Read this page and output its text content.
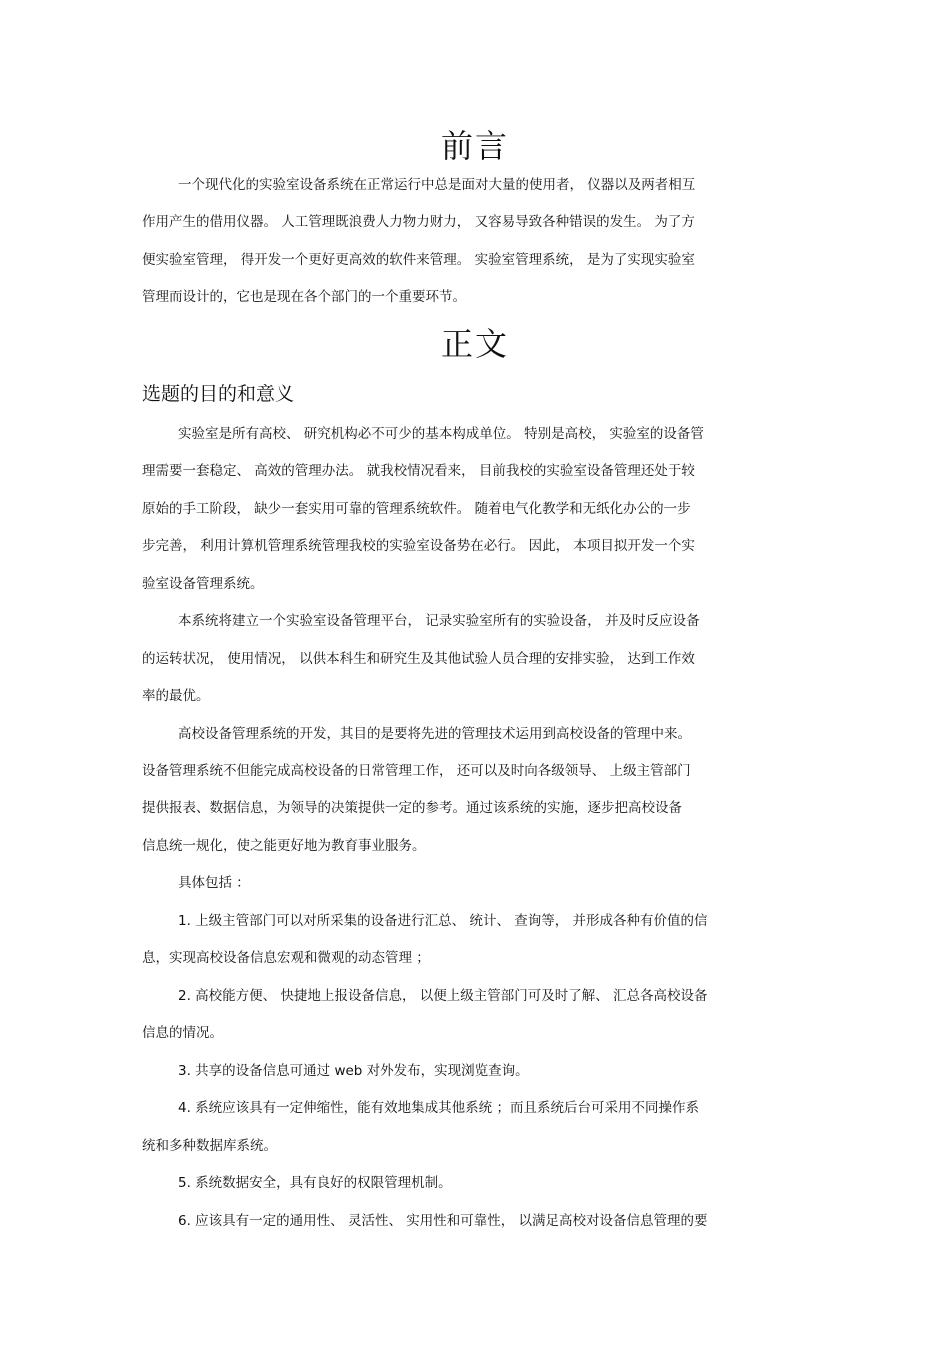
前言
一个现代化的实验室设备系统在正常运行中总是面对大量的使用者， 仪器以及两者相互
作用产生的借用仪器。 人工管理既浪费人力物力财力， 又容易导致各种错误的发生。 为了方
便实验室管理， 得开发一个更好更高效的软件来管理。 实验室管理系统， 是为了实现实验室
管理而设计的，它也是现在各个部门的一个重要环节。
正文
选题的目的和意义
实验室是所有高校、 研究机构必不可少的基本构成单位。 特别是高校， 实验室的设备管
理需要一套稳定、 高效的管理办法。 就我校情况看来， 目前我校的实验室设备管理还处于较
原始的手工阶段， 缺少一套实用可靠的管理系统软件。 随着电气化教学和无纸化办公的一步
步完善， 利用计算机管理系统管理我校的实验室设备势在必行。 因此， 本项目拟开发一个实
验室设备管理系统。
本系统将建立一个实验室设备管理平台， 记录实验室所有的实验设备， 并及时反应设备
的运转状况， 使用情况， 以供本科生和研究生及其他试验人员合理的安排实验， 达到工作效
率的最优。
高校设备管理系统的开发，其目的是要将先进的管理技术运用到高校设备的管理中来。
设备管理系统不但能完成高校设备的日常管理工作， 还可以及时向各级领导、 上级主管部门
提供报表、数据信息，为领导的决策提供一定的参考。通过该系统的实施，逐步把高校设备
信息统一规化，使之能更好地为教育事业服务。
具体包括 ：
1. 上级主管部门可以对所采集的设备进行汇总、 统计、 查询等， 并形成各种有价值的信
息，实现高校设备信息宏观和微观的动态管理 ；
2. 高校能方便、 快捷地上报设备信息， 以便上级主管部门可及时了解、 汇总各高校设备
信息的情况。
3. 共享的设备信息可通过 web 对外发布，实现浏览查询。
4. 系统应该具有一定伸缩性，能有效地集成其他系统 ；而且系统后台可采用不同操作系
统和多种数据库系统。
5. 系统数据安全，具有良好的权限管理机制。
6. 应该具有一定的通用性、 灵活性、 实用性和可靠性， 以满足高校对设备信息管理的要
